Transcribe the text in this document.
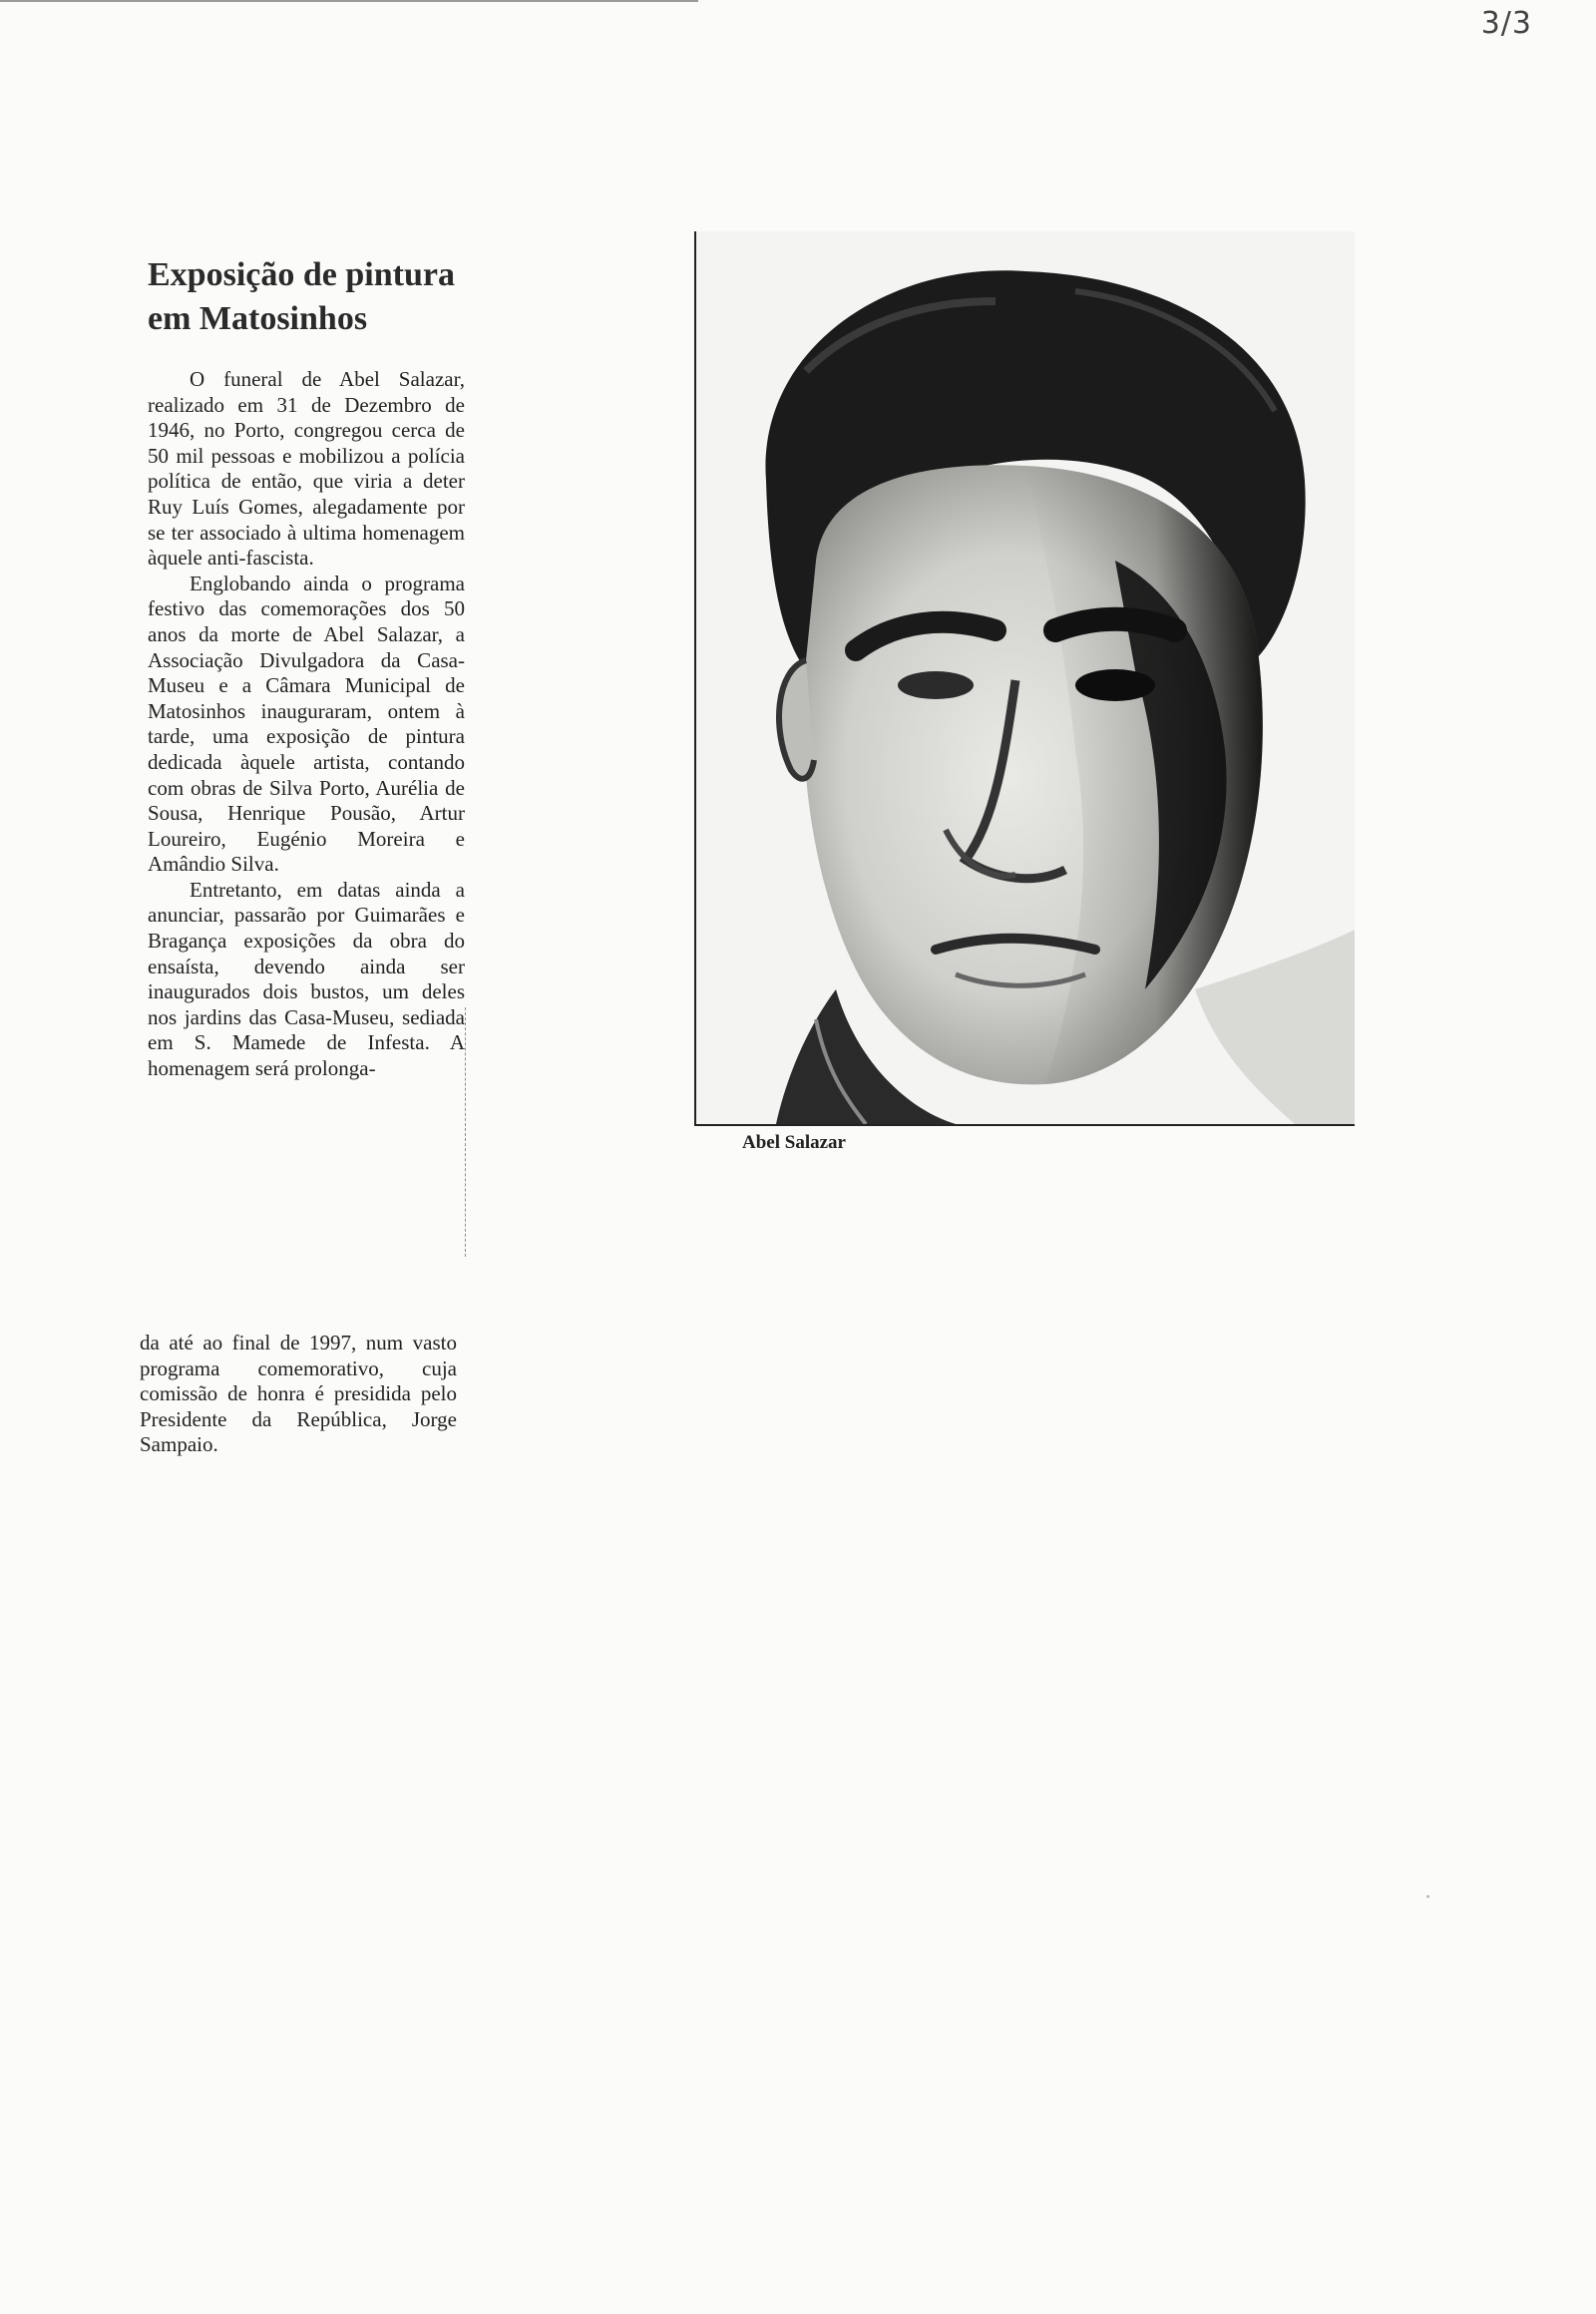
3/3
Exposição de pintura
em Matosinhos

O funeral de Abel Salazar, realizado em 31 de Dezembro de 1946, no Porto, congregou cerca de 50 mil pessoas e mobilizou a polícia política de então, que viria a deter Ruy Luís Gomes, alegadamente por se ter associado à ultima homenagem àquele anti-fascista.

Englobando ainda o programa festivo das comemorações dos 50 anos da morte de Abel Salazar, a Associação Divulgadora da Casa-Museu e a Câmara Municipal de Matosinhos inauguraram, ontem à tarde, uma exposição de pintura dedicada àquele artista, contando com obras de Silva Porto, Aurélia de Sousa, Henrique Pousão, Artur Loureiro, Eugénio Moreira e Amândio Silva.

Entretanto, em datas ainda a anunciar, passarão por Guimarães e Bragança exposições da obra do ensaísta, devendo ainda ser inaugurados dois bustos, um deles nos jardins das Casa-Museu, sediada em S. Mamede de Infesta. A homenagem será prolonga-

da até ao final de 1997, num vasto programa comemorativo, cuja comissão de honra é presidida pelo Presidente da República, Jorge Sampaio.

Abel Salazar
